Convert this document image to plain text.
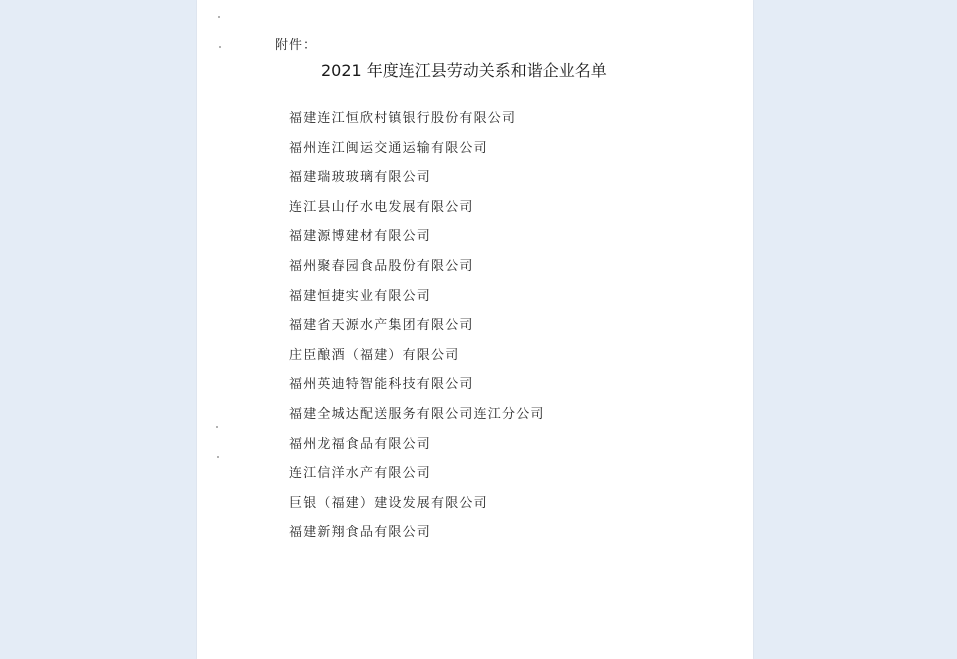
附件：
2021 年度连江县劳动关系和谐企业名单
福建连江恒欣村镇银行股份有限公司
福州连江闽运交通运输有限公司
福建瑞玻玻璃有限公司
连江县山仔水电发展有限公司
福建源博建材有限公司
福州聚春园食品股份有限公司
福建恒捷实业有限公司
福建省天源水产集团有限公司
庄臣酿酒（福建）有限公司
福州英迪特智能科技有限公司
福建全城达配送服务有限公司连江分公司
福州龙福食品有限公司
连江信洋水产有限公司
巨银（福建）建设发展有限公司
福建新翔食品有限公司
